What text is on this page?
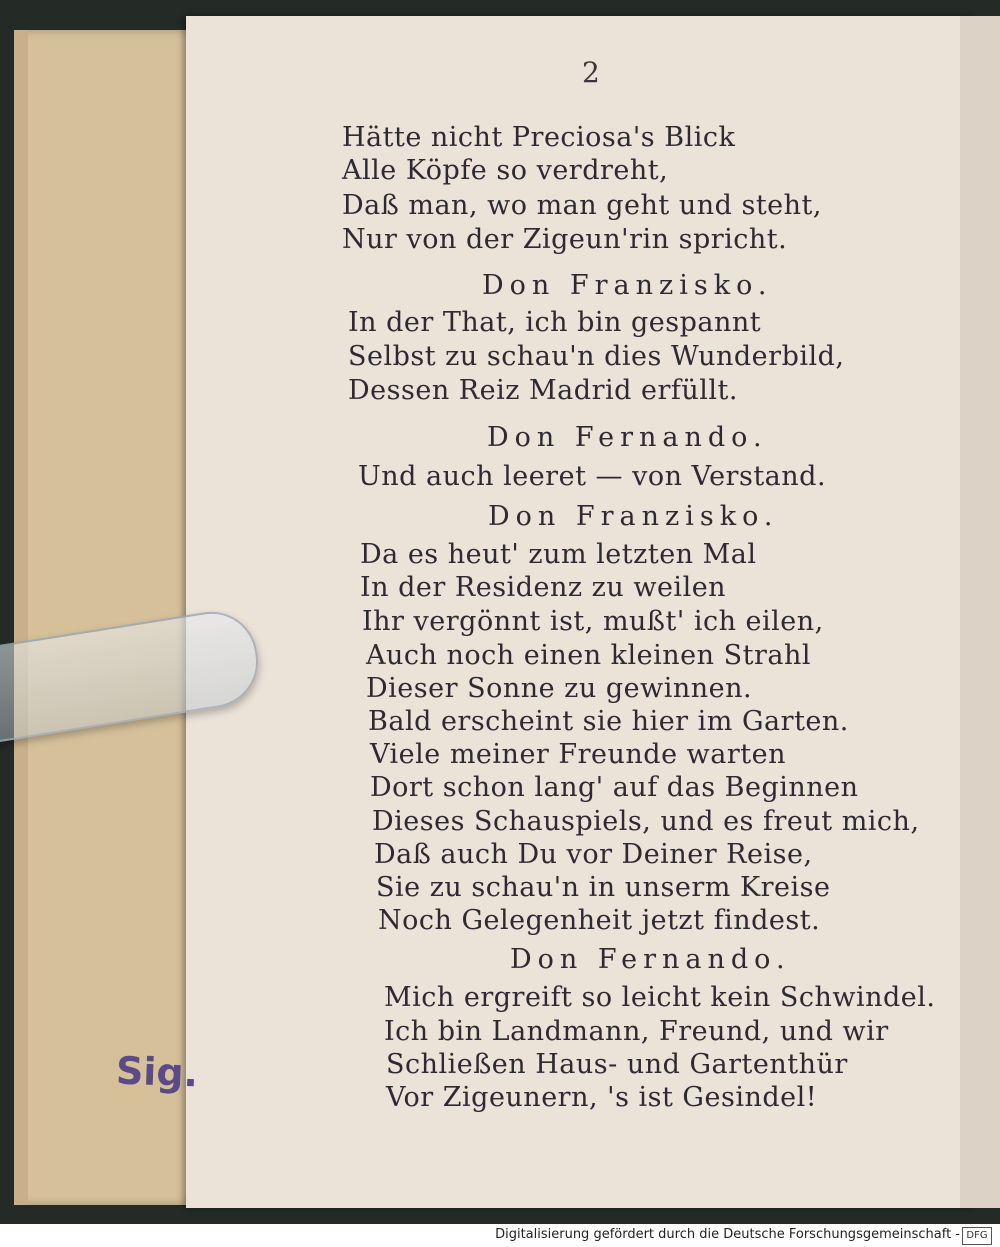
2
Hätte nicht Preciosa's Blick
Alle Köpfe so verdreht,
Daß man, wo man geht und steht,
Nur von der Zigeun'rin spricht.
Don Franzisko.
In der That, ich bin gespannt
Selbst zu schau'n dies Wunderbild,
Dessen Reiz Madrid erfüllt.
Don Fernando.
Und auch leeret — von Verstand.
Don Franzisko.
Da es heut' zum letzten Mal
In der Residenz zu weilen
Ihr vergönnt ist, mußt' ich eilen,
Auch noch einen kleinen Strahl
Dieser Sonne zu gewinnen.
Bald erscheint sie hier im Garten.
Viele meiner Freunde warten
Dort schon lang' auf das Beginnen
Dieses Schauspiels, und es freut mich,
Daß auch Du vor Deiner Reise,
Sie zu schau'n in unserm Kreise
Noch Gelegenheit jetzt findest.
Don Fernando.
Mich ergreift so leicht kein Schwindel.
Ich bin Landmann, Freund, und wir
Schließen Haus- und Gartenthür
Vor Zigeunern, 's ist Gesindel!
Sig.
Digitalisierung gefördert durch die Deutsche Forschungsgemeinschaft - DFG
